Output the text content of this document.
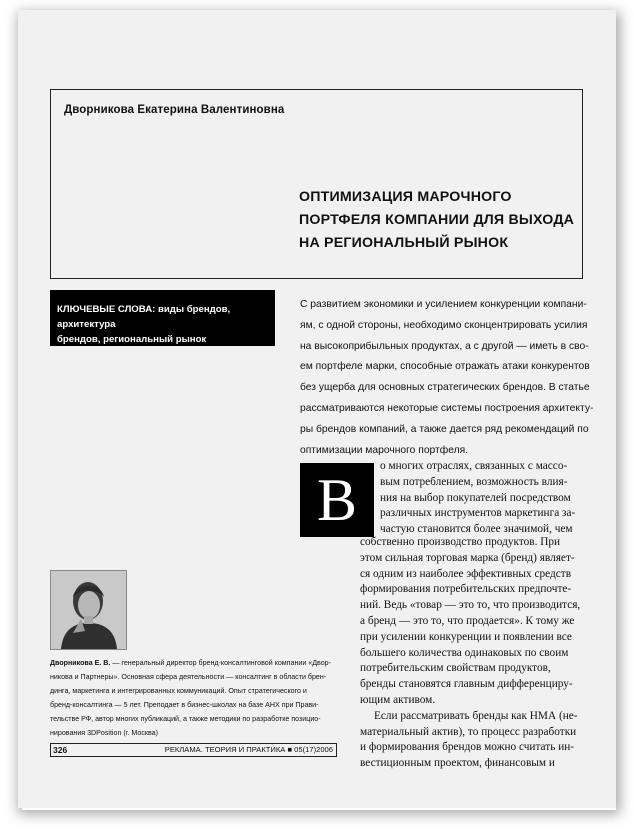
Дворникова Екатерина Валентиновна
ОПТИМИЗАЦИЯ МАРОЧНОГО
ПОРТФЕЛЯ КОМПАНИИ ДЛЯ ВЫХОДА
НА РЕГИОНАЛЬНЫЙ РЫНОК
КЛЮЧЕВЫЕ СЛОВА: виды брендов, архитектура
брендов, региональный рынок
С развитием экономики и усилением конкуренции компани-
ям, с одной стороны, необходимо сконцентрировать усилия
на высокоприбыльных продуктах, а с другой — иметь в сво-
ем портфеле марки, способные отражать атаки конкурентов
без ущерба для основных стратегических брендов. В статье
рассматриваются некоторые системы построения архитекту-
ры брендов компаний, а также дается ряд рекомендаций по
оптимизации марочного портфеля.
В
о многих отраслях, связанных с массо-
вым потреблением, возможность влия-
ния на выбор покупателей посредством
различных инструментов маркетинга за-
частую становится более значимой, чем
собственно производство продуктов. При
этом сильная торговая марка (бренд) являет-
ся одним из наиболее эффективных средств
формирования потребительских предпочте-
ний. Ведь «товар — это то, что производится,
а бренд — это то, что продается». К тому же
при усилении конкуренции и появлении все
большего количества одинаковых по своим
потребительским свойствам продуктов,
бренды становятся главным дифференциру-
ющим активом.
Если рассматривать бренды как НМА (не-
материальный актив), то процесс разработки
и формирования брендов можно считать ин-
вестиционным проектом, финансовым и
Дворникова Е. В. — генеральный директор бренд-консалтинговой компании «Двор-
никова и Партнеры». Основная сфера деятельности — консалтинг в области брен-
динга, маркетинга и интегрированных коммуникаций. Опыт стратегического и
бренд-консалтинга — 5 лет. Преподает в бизнес-школах на базе АНХ при Прави-
тельстве РФ, автор многих публикаций, а также методики по разработке позицио-
нирования 3DPosition (г. Москва)
326	РЕКЛАМА. ТЕОРИЯ И ПРАКТИКА ■ 05(17)2006
